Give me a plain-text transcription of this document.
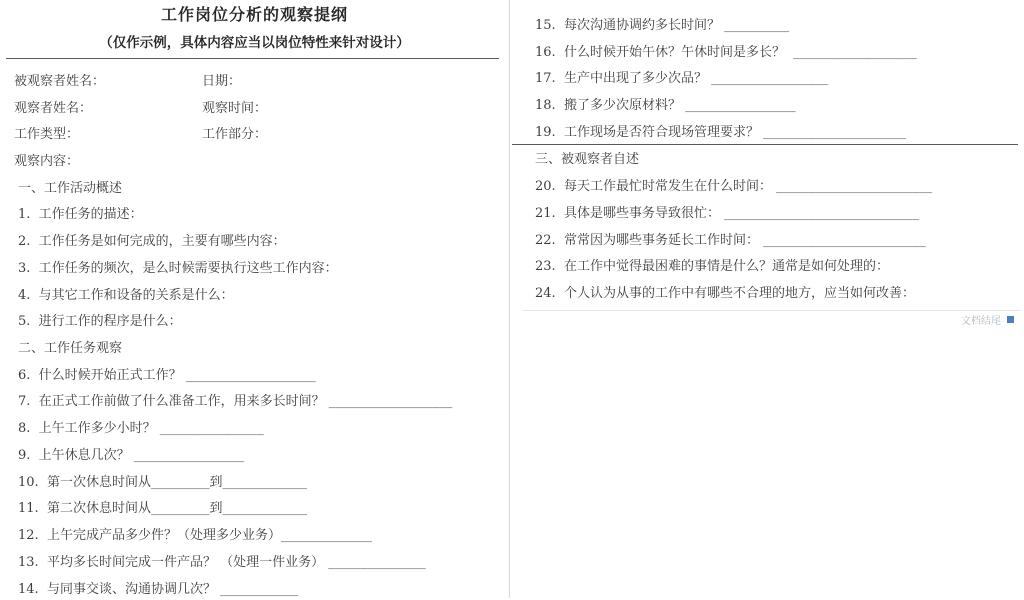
工作岗位分析的观察提纲
（仅作示例，具体内容应当以岗位特性来针对设计）
被观察者姓名：	日期：
观察者姓名：	观察时间：
工作类型：	工作部分：
观察内容：
一、工作活动概述
1.  工作任务的描述：
2.  工作任务是如何完成的，主要有哪些内容：
3.  工作任务的频次，是么时候需要执行这些工作内容：
4.  与其它工作和设备的关系是什么：
5.  进行工作的程序是什么：
二、工作任务观察
6.  什么时候开始正式工作？ ____________________
7.  在正式工作前做了什么准备工作，用来多长时间？ ___________________
8.  上午工作多少小时？ ________________
9.  上午休息几次？ _________________
10.  第一次休息时间从_________到_____________
11.  第二次休息时间从_________到_____________
12.  上午完成产品多少件？（处理多少业务）______________
13.  平均多长时间完成一件产品？ （处理一件业务） _______________
14.  与同事交谈、沟通协调几次？ ____________
15.  每次沟通协调约多长时间？ __________
16.  什么时候开始午休？午休时间是多长？  ___________________
17.  生产中出现了多少次品？ __________________
18.  搬了多少次原材料？ _________________
19.  工作现场是否符合现场管理要求？ ______________________
三、被观察者自述
20.  每天工作最忙时常发生在什么时间： ________________________
21.  具体是哪些事务导致很忙： ______________________________
22.  常常因为哪些事务延长工作时间： _________________________
23.  在工作中觉得最困难的事情是什么？通常是如何处理的：
24.  个人认为从事的工作中有哪些不合理的地方，应当如何改善：
文档结尾
